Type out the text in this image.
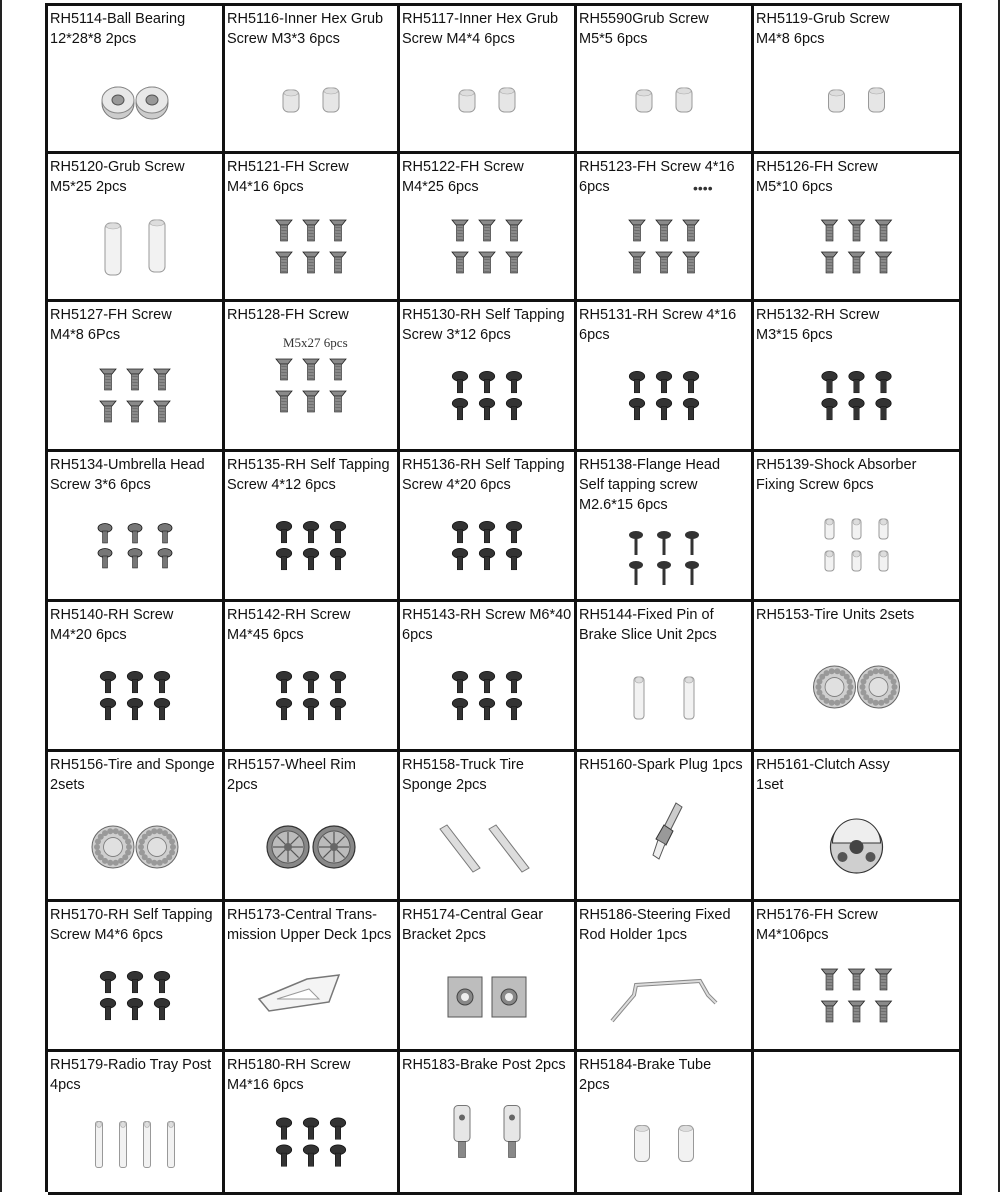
RH5114-Ball Bearing
12*28*8 2pcs
RH5116-Inner Hex Grub
Screw M3*3 6pcs
RH5117-Inner Hex Grub
Screw M4*4 6pcs
RH5590Grub Screw
M5*5 6pcs
RH5119-Grub Screw
M4*8 6pcs
RH5120-Grub Screw
M5*25 2pcs
RH5121-FH Screw
M4*16 6pcs
RH5122-FH Screw
M4*25 6pcs
RH5123-FH Screw 4*16
6pcs	••••
RH5126-FH Screw
M5*10 6pcs
RH5127-FH Screw
M4*8 6Pcs
RH5128-FH Screw
M5x27 6pcs
RH5130-RH Self Tapping
Screw 3*12 6pcs
RH5131-RH Screw 4*16
6pcs
RH5132-RH Screw
M3*15 6pcs
RH5134-Umbrella Head
Screw 3*6 6pcs
RH5135-RH Self Tapping
Screw 4*12 6pcs
RH5136-RH Self Tapping
Screw 4*20 6pcs
RH5138-Flange Head
Self tapping screw
M2.6*15 6pcs
RH5139-Shock Absorber
Fixing Screw 6pcs
RH5140-RH Screw
M4*20 6pcs
RH5142-RH Screw
M4*45 6pcs
RH5143-RH Screw M6*40
6pcs
RH5144-Fixed Pin of
Brake Slice Unit 2pcs
RH5153-Tire Units 2sets
RH5156-Tire and Sponge
2sets
RH5157-Wheel Rim
2pcs
RH5158-Truck Tire
Sponge 2pcs
RH5160-Spark Plug 1pcs RH5161-Clutch Assy
1set
RH5170-RH Self Tapping
Screw M4*6 6pcs
RH5173-Central Trans-
mission Upper Deck 1pcs
RH5174-Central Gear
Bracket 2pcs
RH5186-Steering Fixed
Rod Holder 1pcs
RH5176-FH Screw
M4*106pcs
RH5179-Radio Tray Post
4pcs
RH5180-RH Screw
M4*16 6pcs
RH5183-Brake Post 2pcs RH5184-Brake Tube
2pcs
